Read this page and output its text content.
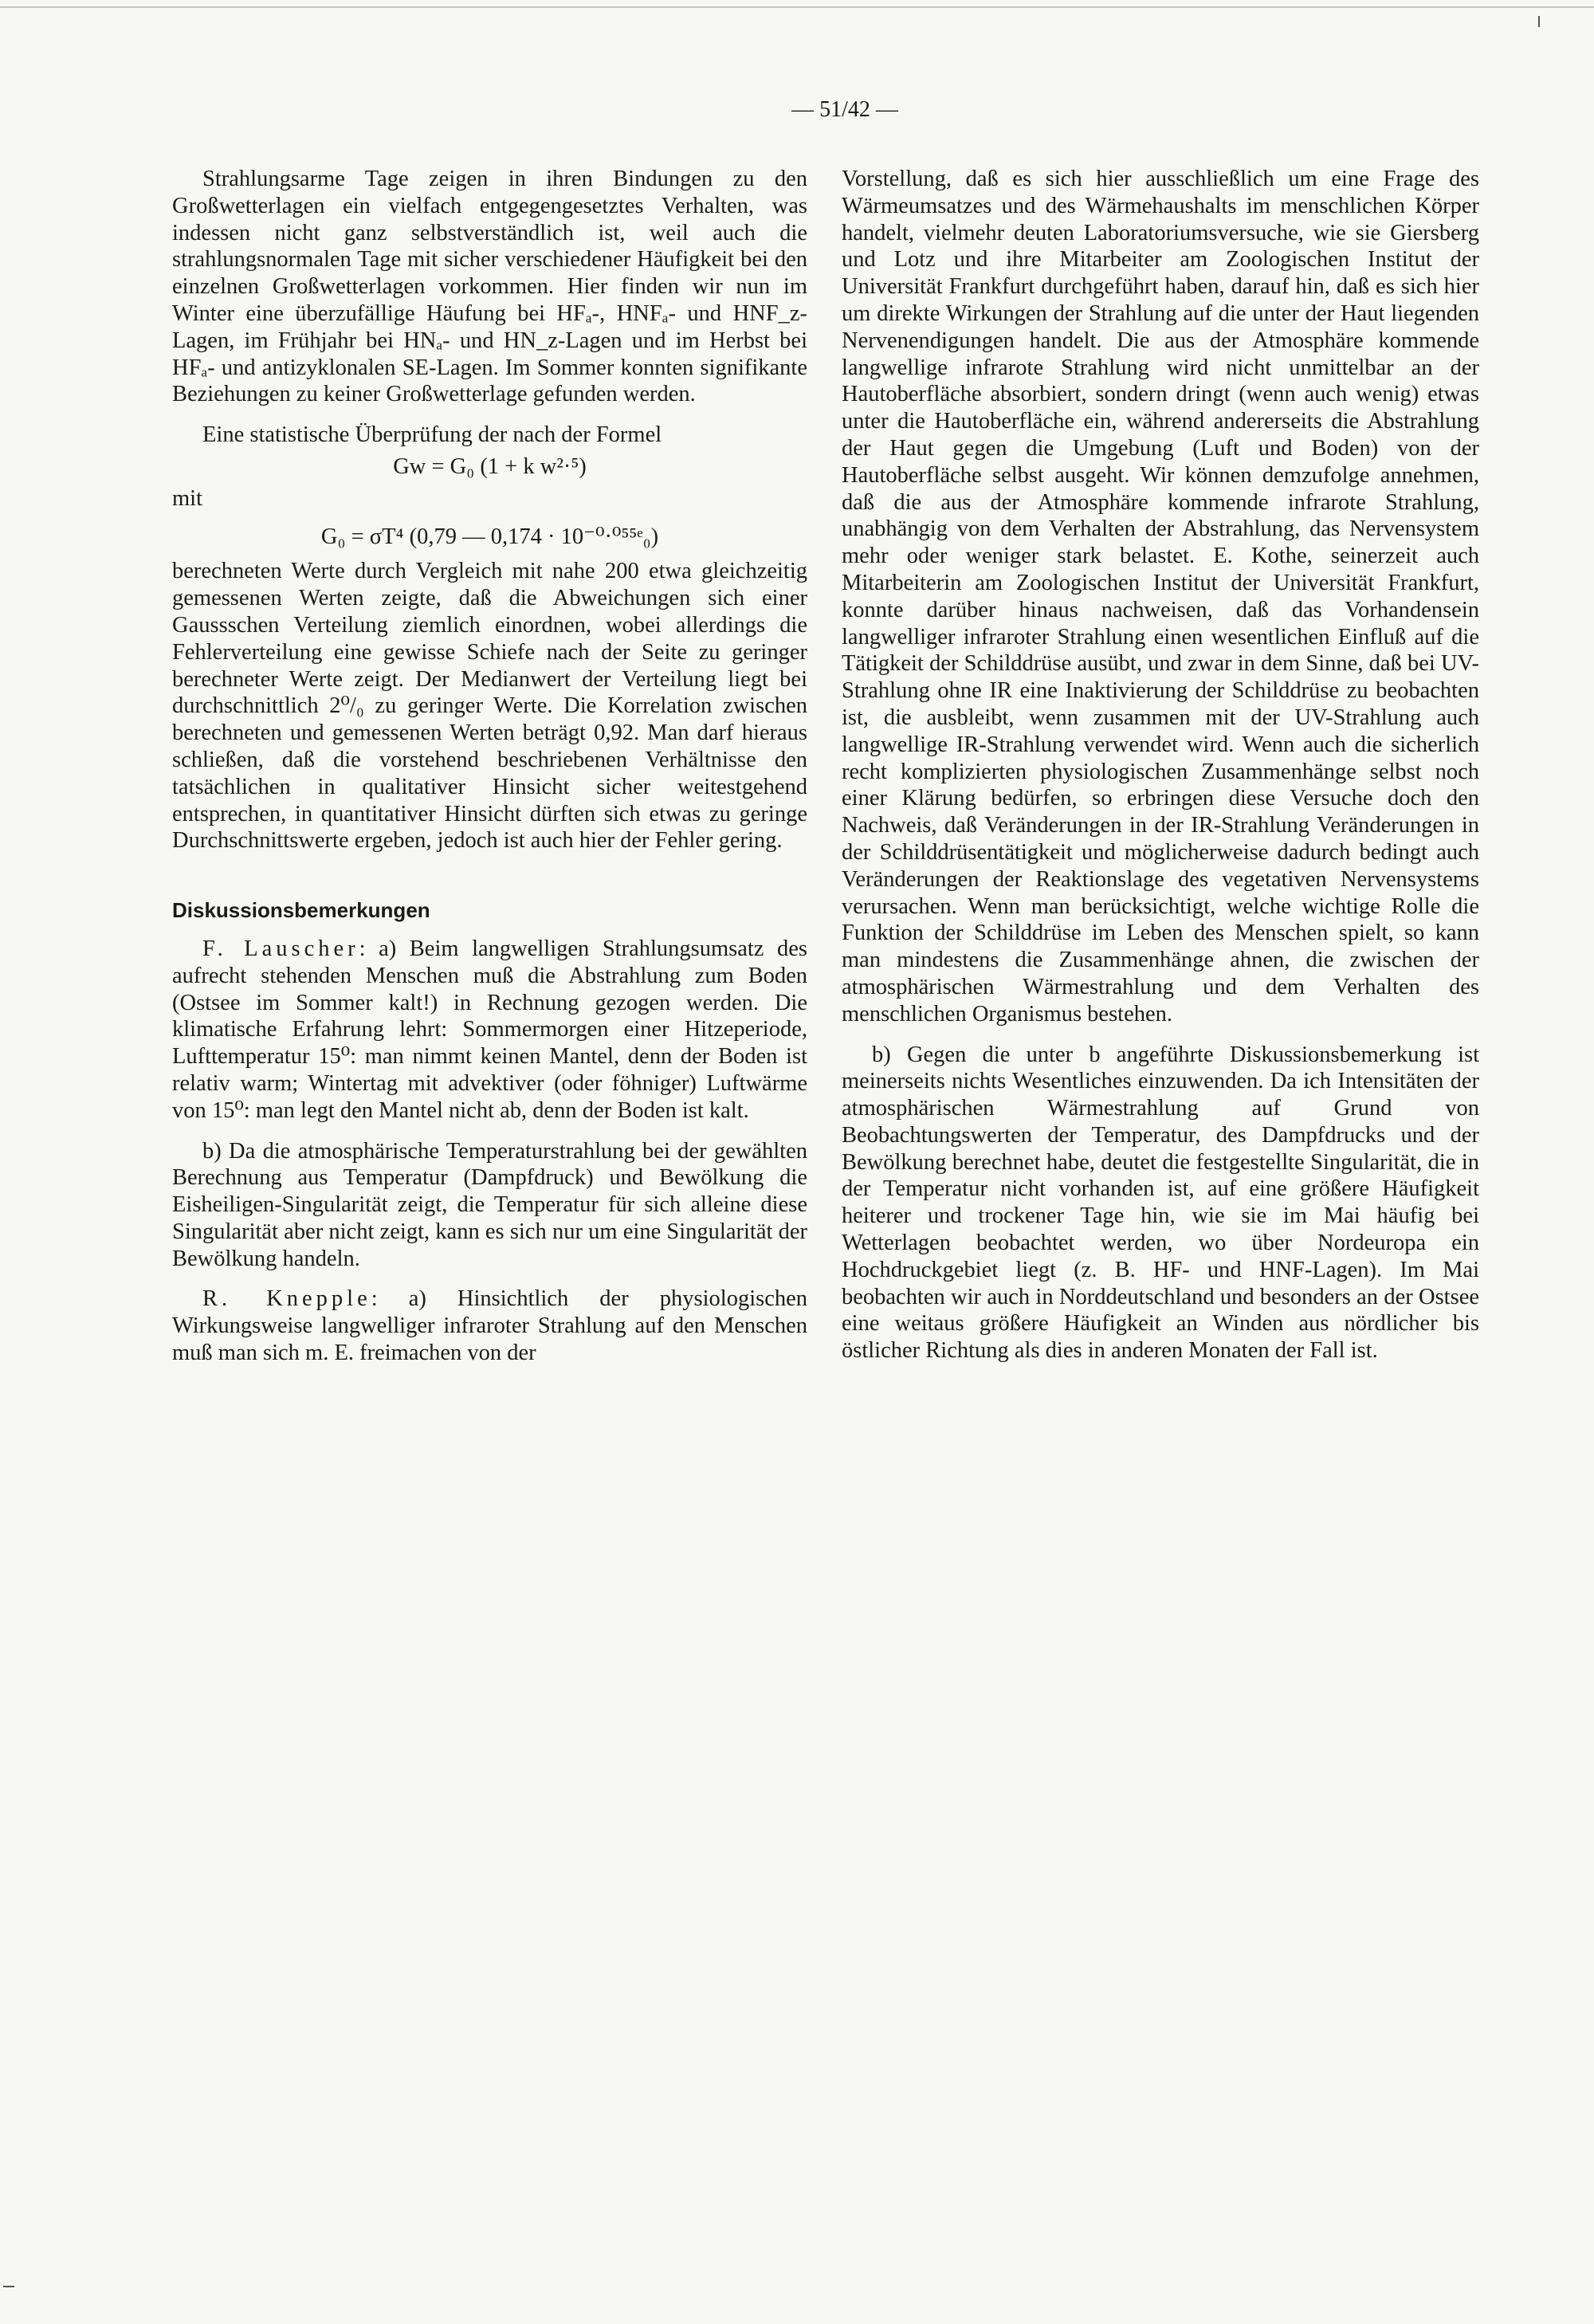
— 51/42 —

Strahlungsarme Tage zeigen in ihren Bindungen zu den Großwetterlagen ein vielfach entgegengesetztes Verhalten, was indessen nicht ganz selbstverständlich ist, weil auch die strahlungsnormalen Tage mit sicher verschiedener Häufigkeit bei den einzelnen Großwetterlagen vorkommen. Hier finden wir nun im Winter eine überzufällige Häufung bei HFₐ-, HNFₐ- und HNF_z-Lagen, im Frühjahr bei HNₐ- und HN_z-Lagen und im Herbst bei HFₐ- und antizyklonalen SE-Lagen. Im Sommer konnten signifikante Beziehungen zu keiner Großwetterlage gefunden werden.

Eine statistische Überprüfung der nach der Formel

Gw = G₀ (1 + k w²·⁵)
mit
G₀ = σT⁴ (0,79 — 0,174 · 10⁻⁰·⁰⁵⁵ᵉ₀)

berechneten Werte durch Vergleich mit nahe 200 etwa gleichzeitig gemessenen Werten zeigte, daß die Abweichungen sich einer Gaussschen Verteilung ziemlich einordnen, wobei allerdings die Fehlerverteilung eine gewisse Schiefe nach der Seite zu geringer berechneter Werte zeigt. Der Medianwert der Verteilung liegt bei durchschnittlich 2⁰/₀ zu geringer Werte. Die Korrelation zwischen berechneten und gemessenen Werten beträgt 0,92. Man darf hieraus schließen, daß die vorstehend beschriebenen Verhältnisse den tatsächlichen in qualitativer Hinsicht sicher weitestgehend entsprechen, in quantitativer Hinsicht dürften sich etwas zu geringe Durchschnittswerte ergeben, jedoch ist auch hier der Fehler gering.

Diskussionsbemerkungen

F. Lauscher: a) Beim langwelligen Strahlungsumsatz des aufrecht stehenden Menschen muß die Abstrahlung zum Boden (Ostsee im Sommer kalt!) in Rechnung gezogen werden. Die klimatische Erfahrung lehrt: Sommermorgen einer Hitzeperiode, Lufttemperatur 15⁰: man nimmt keinen Mantel, denn der Boden ist relativ warm; Wintertag mit advektiver (oder föhniger) Luftwärme von 15⁰: man legt den Mantel nicht ab, denn der Boden ist kalt.

b) Da die atmosphärische Temperaturstrahlung bei der gewählten Berechnung aus Temperatur (Dampfdruck) und Bewölkung die Eisheiligen-Singularität zeigt, die Temperatur für sich alleine diese Singularität aber nicht zeigt, kann es sich nur um eine Singularität der Bewölkung handeln.

R. Knepple: a) Hinsichtlich der physiologischen Wirkungsweise langwelliger infraroter Strahlung auf den Menschen muß man sich m. E. freimachen von der

Vorstellung, daß es sich hier ausschließlich um eine Frage des Wärmeumsatzes und des Wärmehaushalts im menschlichen Körper handelt, vielmehr deuten Laboratoriumsversuche, wie sie Giersberg und Lotz und ihre Mitarbeiter am Zoologischen Institut der Universität Frankfurt durchgeführt haben, darauf hin, daß es sich hier um direkte Wirkungen der Strahlung auf die unter der Haut liegenden Nervenendigungen handelt. Die aus der Atmosphäre kommende langwellige infrarote Strahlung wird nicht unmittelbar an der Hautoberfläche absorbiert, sondern dringt (wenn auch wenig) etwas unter die Hautoberfläche ein, während andererseits die Abstrahlung der Haut gegen die Umgebung (Luft und Boden) von der Hautoberfläche selbst ausgeht. Wir können demzufolge annehmen, daß die aus der Atmosphäre kommende infrarote Strahlung, unabhängig von dem Verhalten der Abstrahlung, das Nervensystem mehr oder weniger stark belastet. E. Kothe, seinerzeit auch Mitarbeiterin am Zoologischen Institut der Universität Frankfurt, konnte darüber hinaus nachweisen, daß das Vorhandensein langwelliger infraroter Strahlung einen wesentlichen Einfluß auf die Tätigkeit der Schilddrüse ausübt, und zwar in dem Sinne, daß bei UV-Strahlung ohne IR eine Inaktivierung der Schilddrüse zu beobachten ist, die ausbleibt, wenn zusammen mit der UV-Strahlung auch langwellige IR-Strahlung verwendet wird. Wenn auch die sicherlich recht komplizierten physiologischen Zusammenhänge selbst noch einer Klärung bedürfen, so erbringen diese Versuche doch den Nachweis, daß Veränderungen in der IR-Strahlung Veränderungen in der Schilddrüsentätigkeit und möglicherweise dadurch bedingt auch Veränderungen der Reaktionslage des vegetativen Nervensystems verursachen. Wenn man berücksichtigt, welche wichtige Rolle die Funktion der Schilddrüse im Leben des Menschen spielt, so kann man mindestens die Zusammenhänge ahnen, die zwischen der atmosphärischen Wärmestrahlung und dem Verhalten des menschlichen Organismus bestehen.

b) Gegen die unter b angeführte Diskussionsbemerkung ist meinerseits nichts Wesentliches einzuwenden. Da ich Intensitäten der atmosphärischen Wärmestrahlung auf Grund von Beobachtungswerten der Temperatur, des Dampfdrucks und der Bewölkung berechnet habe, deutet die festgestellte Singularität, die in der Temperatur nicht vorhanden ist, auf eine größere Häufigkeit heiterer und trockener Tage hin, wie sie im Mai häufig bei Wetterlagen beobachtet werden, wo über Nordeuropa ein Hochdruckgebiet liegt (z. B. HF- und HNF-Lagen). Im Mai beobachten wir auch in Norddeutschland und besonders an der Ostsee eine weitaus größere Häufigkeit an Winden aus nördlicher bis östlicher Richtung als dies in anderen Monaten der Fall ist.
